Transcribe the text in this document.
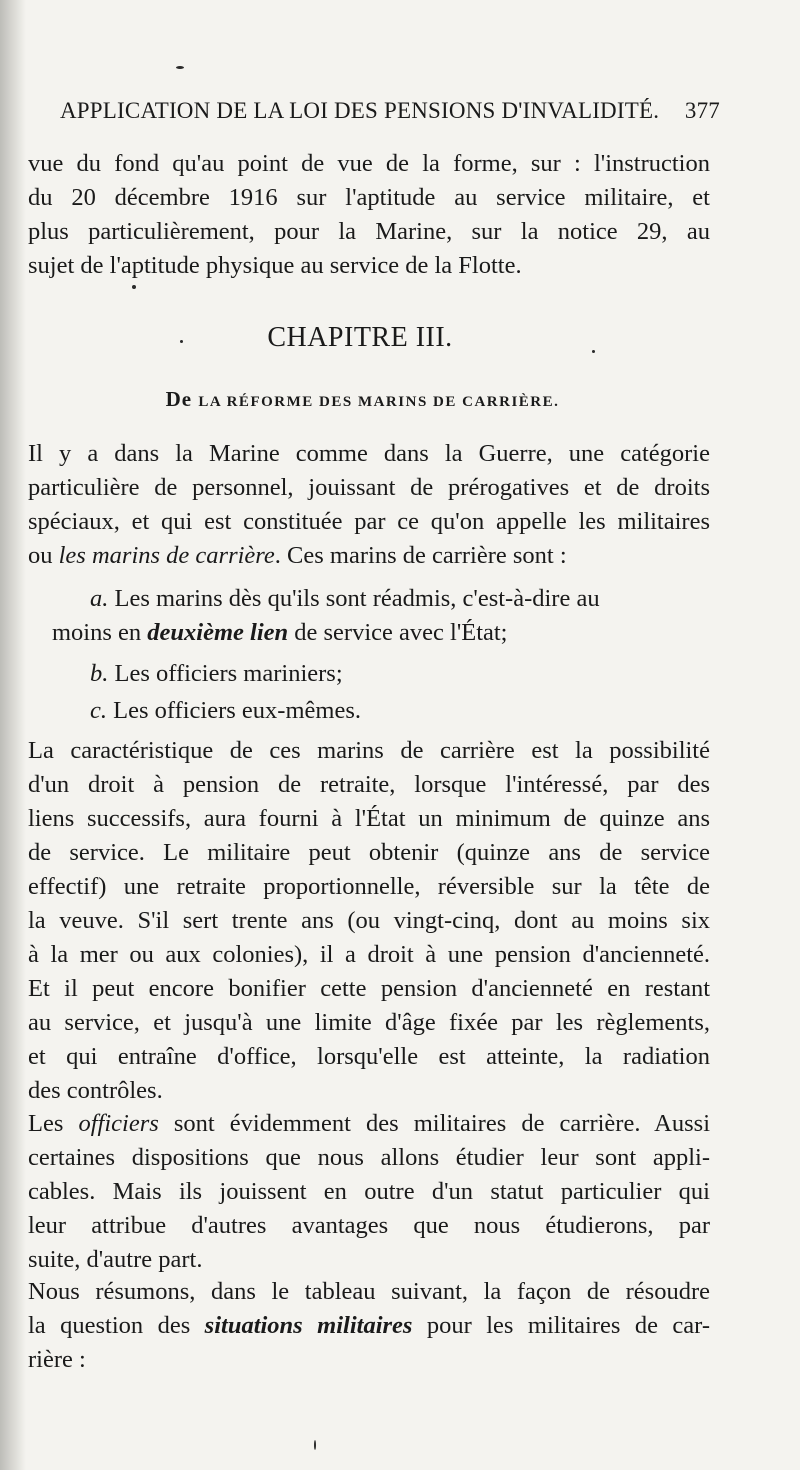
APPLICATION DE LA LOI DES PENSIONS D'INVALIDITÉ. 377
vue du fond qu'au point de vue de la forme, sur : l'instruction
du 20 décembre 1916 sur l'aptitude au service militaire, et
plus particulièrement, pour la Marine, sur la notice 29, au
sujet de l'aptitude physique au service de la Flotte.
CHAPITRE III.
De LA RÉFORME DES MARINS DE CARRIÈRE.
Il y a dans la Marine comme dans la Guerre, une catégorie
particulière de personnel, jouissant de prérogatives et de droits
spéciaux, et qui est constituée par ce qu'on appelle les militaires
ou les marins de carrière. Ces marins de carrière sont :
a. Les marins dès qu'ils sont réadmis, c'est-à-dire au
moins en deuxième lien de service avec l'État;
b. Les officiers mariniers;
c. Les officiers eux-mêmes.
La caractéristique de ces marins de carrière est la possibilité
d'un droit à pension de retraite, lorsque l'intéressé, par des
liens successifs, aura fourni à l'État un minimum de quinze ans
de service. Le militaire peut obtenir (quinze ans de service
effectif) une retraite proportionnelle, réversible sur la tête de
la veuve. S'il sert trente ans (ou vingt-cinq, dont au moins six
à la mer ou aux colonies), il a droit à une pension d'ancienneté.
Et il peut encore bonifier cette pension d'ancienneté en restant
au service, et jusqu'à une limite d'âge fixée par les règlements,
et qui entraîne d'office, lorsqu'elle est atteinte, la radiation
des contrôles.
Les officiers sont évidemment des militaires de carrière. Aussi
certaines dispositions que nous allons étudier leur sont appli-
cables. Mais ils jouissent en outre d'un statut particulier qui
leur attribue d'autres avantages que nous étudierons, par
suite, d'autre part.
Nous résumons, dans le tableau suivant, la façon de résoudre
la question des situations militaires pour les militaires de car-
rière :
